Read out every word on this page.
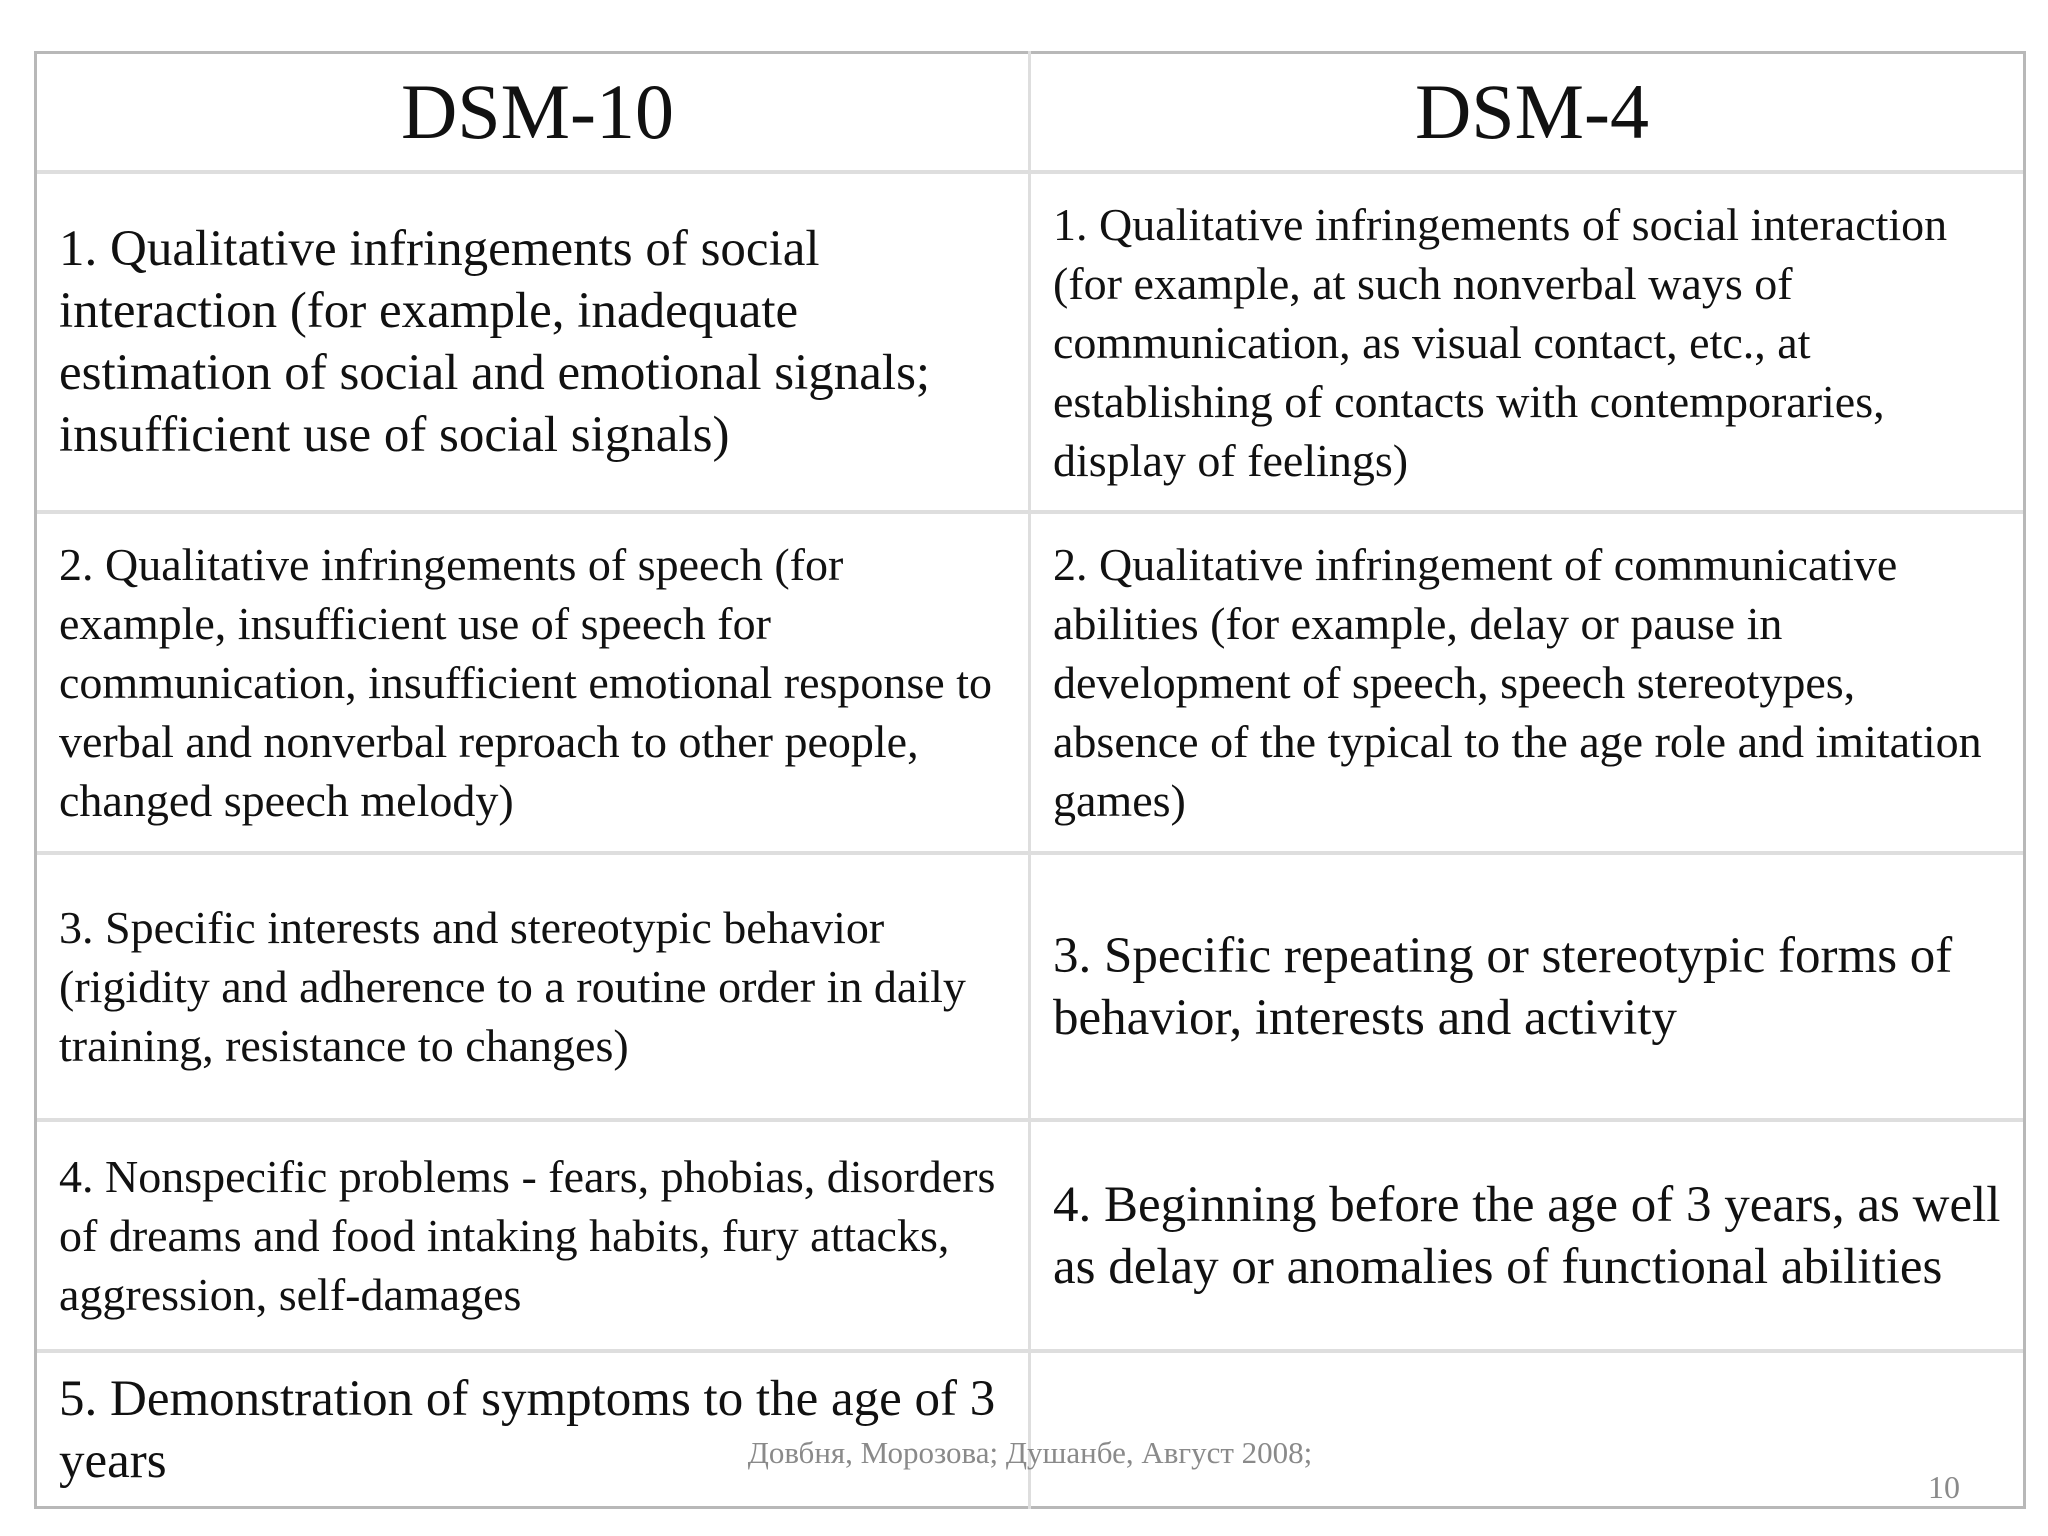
DSM-10	DSM-4

1. Qualitative infringements of social interaction (for example, inadequate estimation of social and emotional signals; insufficient use of social signals)

1. Qualitative infringements of social interaction (for example, at such nonverbal ways of communication, as visual contact, etc., at establishing of contacts with contemporaries, display of feelings)

2. Qualitative infringements of speech (for example, insufficient use of speech for communication, insufficient emotional response to verbal and nonverbal reproach to other people, changed speech melody)

2. Qualitative infringement of communicative abilities (for example, delay or pause in development of speech, speech stereotypes, absence of the typical to the age role and imitation games)

3. Specific interests and stereotypic behavior (rigidity and adherence to a routine order in daily training, resistance to changes)

3. Specific repeating or stereotypic forms of behavior, interests and activity

4. Nonspecific problems - fears, phobias, disorders of dreams and food intaking habits, fury attacks, aggression, self-damages

4. Beginning before the age of 3 years, as well as delay or anomalies of functional abilities

5. Demonstration of symptoms to the age of 3 years	Довбня, Морозова; Душанбе, Август 2008;
10
